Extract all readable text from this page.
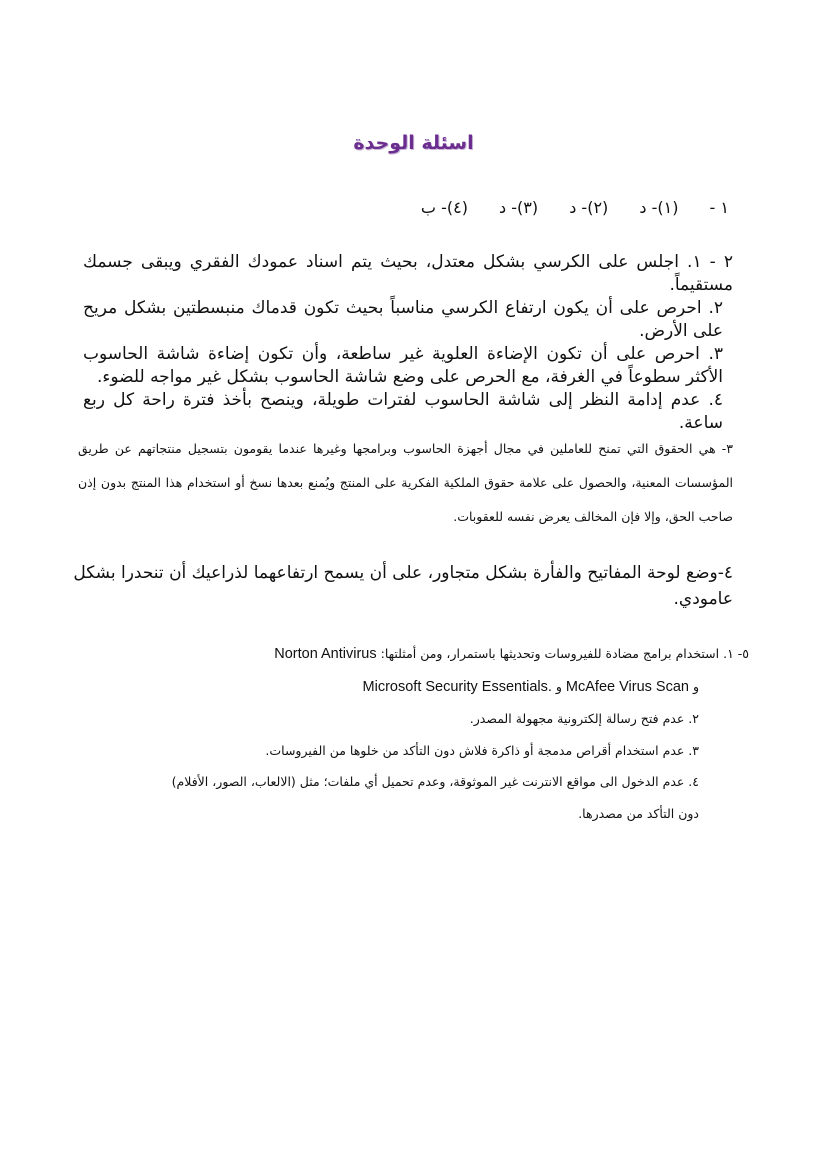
اسئلة الوحدة
١ - (١)- د (٢)- د (٣)- د (٤)- ب

٢ - ١. اجلس على الكرسي بشكل معتدل، بحيث يتم اسناد عمودك الفقري ويبقى جسمك مستقيماً.

٢. احرص على أن يكون ارتفاع الكرسي مناسباً بحيث تكون قدماك منبسطتين بشكل مريح على الأرض.

٣. احرص على أن تكون الإضاءة العلوية غير ساطعة، وأن تكون إضاءة شاشة الحاسوب الأكثر سطوعاً في الغرفة، مع الحرص على وضع شاشة الحاسوب بشكل غير مواجه للضوء.

٤. عدم إدامة النظر إلى شاشة الحاسوب لفترات طويلة، وينصح بأخذ فترة راحة كل ربع ساعة.

٣- هي الحقوق التي تمنح للعاملين في مجال أجهزة الحاسوب وبرامجها وغيرها عندما يقومون بتسجيل منتجاتهم عن طريق المؤسسات المعنية، والحصول على علامة حقوق الملكية الفكرية على المنتج ويُمنع بعدها نسخ أو استخدام هذا المنتج بدون إذن صاحب الحق، وإلا فإن المخالف يعرض نفسه للعقوبات.
٤-وضع لوحة المفاتيح والفأرة بشكل متجاور، على أن يسمح ارتفاعهما لذراعيك أن تنحدرا بشكل عامودي.

٥- ١. استخدام برامج مضادة للفيروسات وتحديثها باستمرار، ومن أمثلتها: Norton Antivirus

و McAfee Virus Scan و Microsoft Security Essentials.

٢. عدم فتح رسالة إلكترونية مجهولة المصدر.

٣. عدم استخدام أقراص مدمجة أو ذاكرة فلاش دون التأكد من خلوها من الفيروسات.

٤. عدم الدخول الى مواقع الانترنت غير الموثوقة، وعدم تحميل أي ملفات؛ مثل (الالعاب، الصور، الأفلام)

دون التأكد من مصدرها.
